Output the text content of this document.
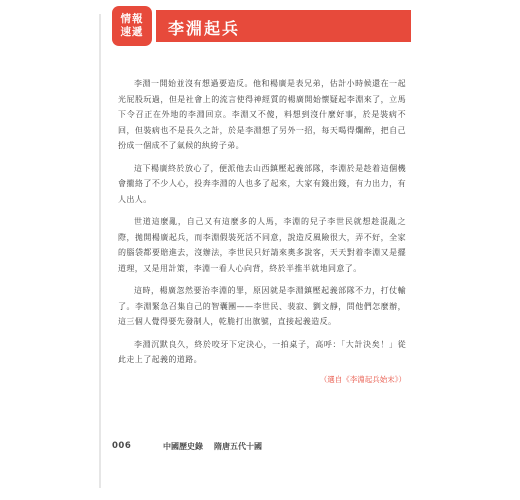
情報
速遞 李淵起兵

李淵一開始並沒有想過要造反。他和楊廣是表兄弟，估計小時候還在一起光屁股玩過，但是社會上的流言使得神經質的楊廣開始懷疑起李淵來了，立馬下令召正在外地的李淵回京。李淵又不傻，料想到沒什麼好事，於是裝病不回，但裝病也不是長久之計，於是李淵想了另外一招，每天喝得爛醉，把自己扮成一個成不了氣候的紈絝子弟。

這下楊廣終於放心了，便派他去山西鎮壓起義部隊，李淵於是趁着這個機會攏絡了不少人心，投奔李淵的人也多了起來，大家有錢出錢，有力出力，有人出人。

世道這麼亂，自己又有這麼多的人馬，李淵的兒子李世民就想趁混亂之際，拋開楊廣起兵，而李淵假裝死活不同意，說造反風險很大，弄不好，全家的腦袋都要賠進去，沒辦法，李世民只好請來奧多說客，天天對着李淵又是擺道理，又是用計策，李淵一看人心向背，終於半推半就地同意了。

這時，楊廣忽然要治李淵的罪，原因就是李淵鎮壓起義部隊不力，打仗輸了。李淵緊急召集自己的智囊團——李世民、裴寂、劉文靜，問他們怎麼辦，這三個人覺得要先發制人，乾脆打出旗號，直接起義造反。

李淵沉默良久，終於咬牙下定決心，一拍桌子，高呼：「大計決矣！」從此走上了起義的道路。

（選自《李淵起兵始末》）

006	中國歷史錄 隋唐五代十國
